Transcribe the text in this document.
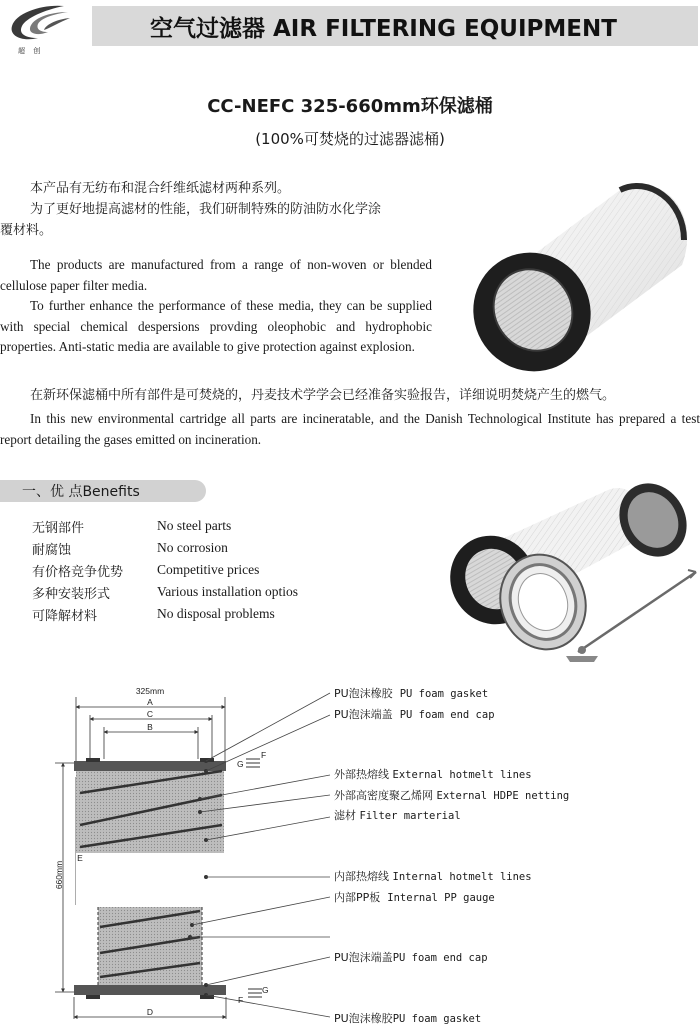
超 创
空气过滤器 AIR FILTERING EQUIPMENT
CC-NEFC 325-660mm环保滤桶
(100%可焚烧的过滤器滤桶)
本产品有无纺布和混合纤维纸滤材两种系列。
为了更好地提高滤材的性能，我们研制特殊的防油防水化学涂
覆材料。

The products are manufactured from a range of non-woven or blended cellulose paper filter media.

To further enhance the performance of these media, they can be supplied with special chemical despersions provding oleophobic and hydrophobic properties. Anti-static media are available to give protection against explosion.

在新环保滤桶中所有部件是可焚烧的，丹麦技术学学会已经准备实验报告，详细说明焚烧产生的燃气。

In this new environmental cartridge all parts are incineratable, and the Danish Technological Institute has prepared a test report detailing the gases emitted on incineration.

一、优 点Benefits
无钢部件	No steel parts
耐腐蚀	No corrosion
有价格竞争优势	Competitive prices
多种安装形式	Various installation optios
可降解材料	No disposal problems
325mm
A
C
B
D
E
G
F
F
G
660mm
PU泡沫橡胶 PU foam gasket
PU泡沫端盖 PU foam end cap
外部热熔线 External hotmelt lines
外部高密度聚乙烯网 External HDPE netting
滤材 Filter marterial
内部热熔线 Internal hotmelt lines
内部PP板 Internal PP gauge
PU泡沫端盖PU foam end cap
PU泡沫橡胶PU foam gasket
